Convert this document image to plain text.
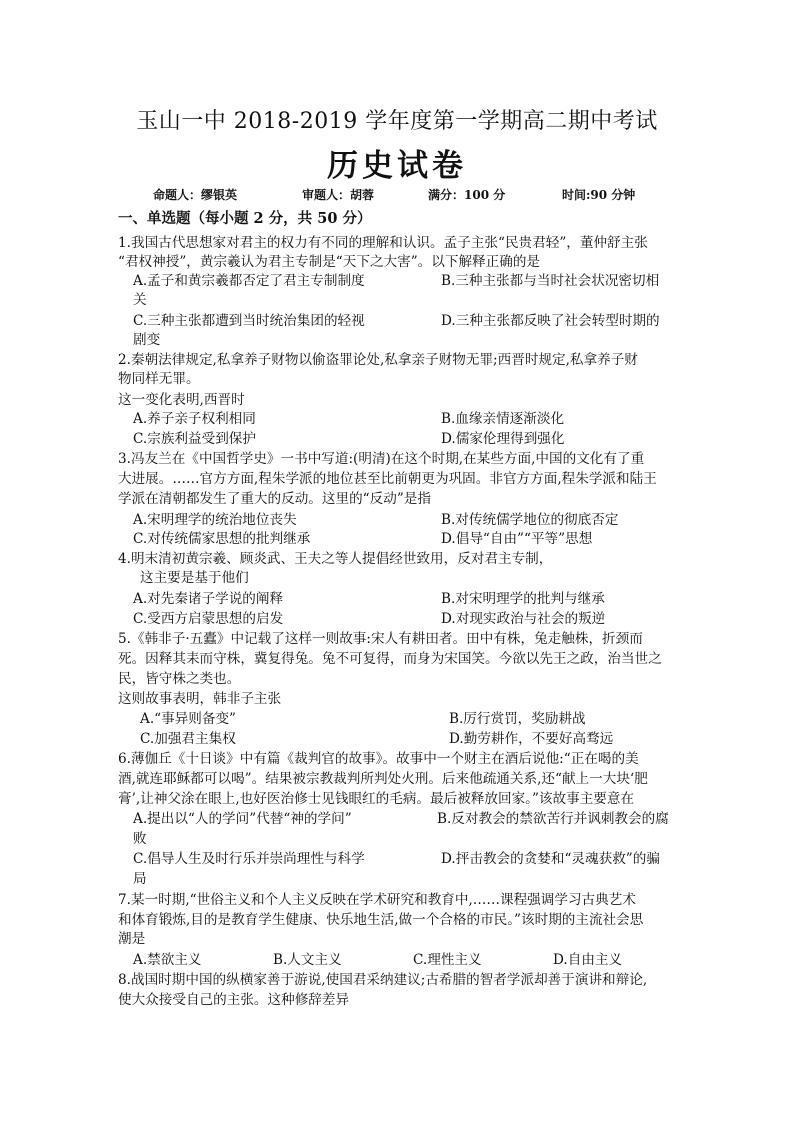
玉山一中 2018-2019 学年度第一学期高二期中考试
历史试卷
命题人：缪银英	审题人：胡蓉	满分：100 分	时间:90 分钟
一、单选题（每小题 2 分，共 50 分）
1.我国古代思想家对君主的权力有不同的理解和认识。孟子主张“民贵君轻”，董仲舒主张
“君权神授”，黄宗羲认为君主专制是“天下之大害”。以下解释正确的是
A.孟子和黄宗羲都否定了君主专制制度	B.三种主张都与当时社会状况密切相
关
C.三种主张都遭到当时统治集团的轻视	D.三种主张都反映了社会转型时期的
剧变
2.秦朝法律规定,私拿养子财物以偷盗罪论处,私拿亲子财物无罪;西晋时规定,私拿养子财
物同样无罪。
这一变化表明,西晋时
A.养子亲子权利相同	B.血缘亲情逐渐淡化
C.宗族利益受到保护	D.儒家伦理得到强化
3.冯友兰在《中国哲学史》一书中写道:(明清)在这个时期,在某些方面,中国的文化有了重
大进展。……官方方面,程朱学派的地位甚至比前朝更为巩固。非官方方面,程朱学派和陆王
学派在清朝都发生了重大的反动。这里的“反动”是指
A.宋明理学的统治地位丧失	B.对传统儒学地位的彻底否定
C.对传统儒家思想的批判继承	D.倡导“自由”“平等”思想
4.明末清初黄宗羲、顾炎武、王夫之等人提倡经世致用，反对君主专制，
这主要是基于他们
A.对先秦诸子学说的阐释	B.对宋明理学的批判与继承
C.受西方启蒙思想的启发	D.对现实政治与社会的叛逆
5.《韩非子·五蠹》中记载了这样一则故事:宋人有耕田者。田中有株，兔走触株，折颈而
死。因释其耒而守株，冀复得兔。兔不可复得，而身为宋国笑。今欲以先王之政，治当世之
民，皆守株之类也。
这则故事表明，韩非子主张
A.“事异则备变”	B.厉行赏罚，奖励耕战
C.加强君主集权	D.勤劳耕作，不要好高骛远
6.薄伽丘《十日谈》中有篇《裁判官的故事》。故事中一个财主在酒后说他:“正在喝的美
酒,就连耶稣都可以喝”。结果被宗教裁判所判处火刑。后来他疏通关系,还“献上一大块‘肥
膏’,让神父涂在眼上,也好医治修士见钱眼红的毛病。最后被释放回家。”该故事主要意在
A.提出以“人的学问”代替“神的学问”	B.反对教会的禁欲苦行并讽刺教会的腐
败
C.倡导人生及时行乐并崇尚理性与科学	D.抨击教会的贪婪和“灵魂获救”的骗
局
7.某一时期,“世俗主义和个人主义反映在学术研究和教育中,……课程强调学习古典艺术
和体育锻炼,目的是教育学生健康、快乐地生活,做一个合格的市民。”该时期的主流社会思
潮是
A.禁欲主义	B.人文主义	C.理性主义	D.自由主义
8.战国时期中国的纵横家善于游说,使国君采纳建议;古希腊的智者学派却善于演讲和辩论,
使大众接受自己的主张。这种修辞差异
